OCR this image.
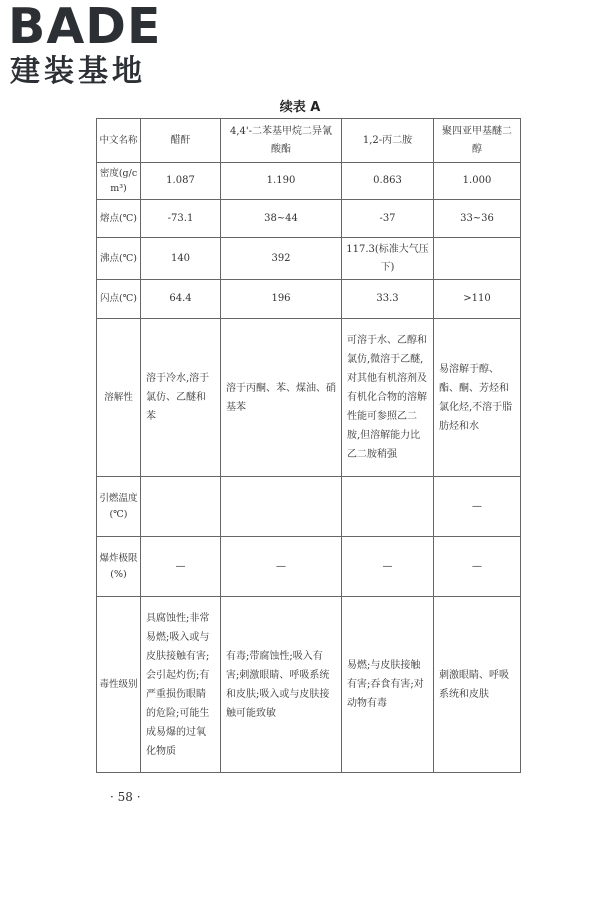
BADE
建装基地
续表 A
中文名称	醋酐	4,4'-二苯基甲烷二异氰酸酯	1,2-丙二胺	聚四亚甲基醚二醇
密度(g/cm³)	1.087	1.190	0.863	1.000
熔点(℃)	-73.1	38~44	-37	33~36
沸点(℃)	140	392	117.3(标准大气压下)	
闪点(℃)	64.4	196	33.3	>110
溶解性	溶于冷水,溶于氯仿、乙醚和苯	溶于丙酮、苯、煤油、硝基苯	可溶于水、乙醇和氯仿,微溶于乙醚,对其他有机溶剂及有机化合物的溶解性能可参照乙二胺,但溶解能力比乙二胺稍强	易溶解于醇、酯、酮、芳烃和氯化烃,不溶于脂肪烃和水
引燃温度(℃)				—
爆炸极限(%)	—	—	—	—
毒性级别	具腐蚀性;非常易燃;吸入或与皮肤接触有害;会引起灼伤;有严重损伤眼睛的危险;可能生成易爆的过氧化物质	有毒;带腐蚀性;吸入有害;刺激眼睛、呼吸系统和皮肤;吸入或与皮肤接触可能致敏	易燃;与皮肤接触有害;吞食有害;对动物有毒	刺激眼睛、呼吸系统和皮肤
· 58 ·
